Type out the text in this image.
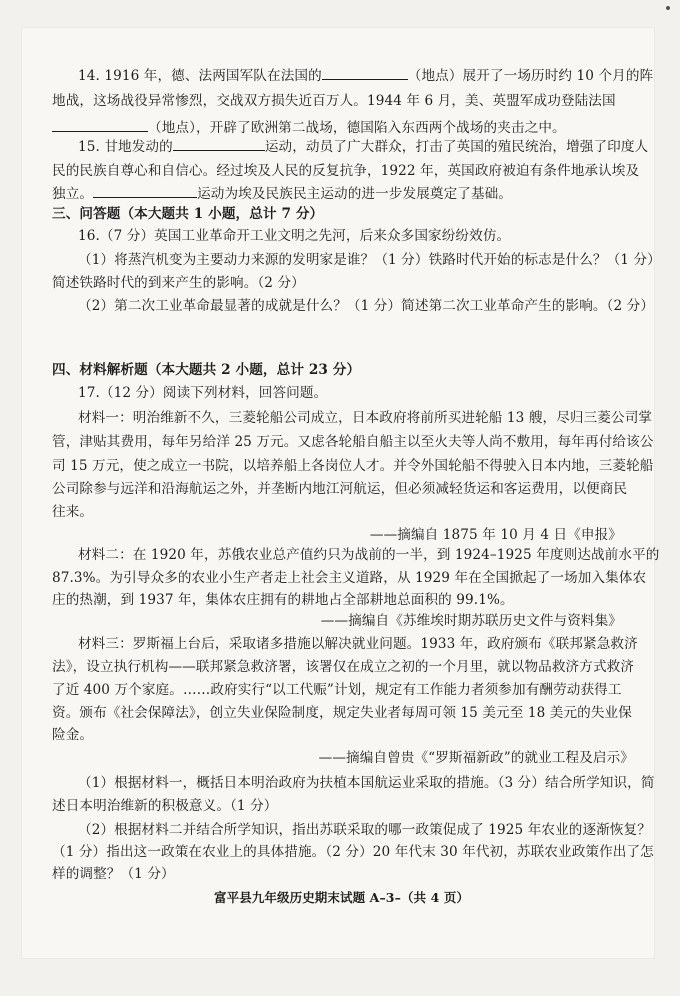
14. 1916 年，德、法两国军队在法国的	（地点）展开了一场历时约 10 个月的阵
地战，这场战役异常惨烈，交战双方损失近百万人。1944 年 6 月，美、英盟军成功登陆法国
（地点），开辟了欧洲第二战场，德国陷入东西两个战场的夹击之中。
15. 甘地发动的	运动，动员了广大群众，打击了英国的殖民统治，增强了印度人
民的民族自尊心和自信心。经过埃及人民的反复抗争，1922 年，英国政府被迫有条件地承认埃及
独立。	运动为埃及民族民主运动的进一步发展奠定了基础。
三、问答题（本大题共 1 小题，总计 7 分）
16.（7 分）英国工业革命开工业文明之先河，后来众多国家纷纷效仿。
（1）将蒸汽机变为主要动力来源的发明家是谁？（1 分）铁路时代开始的标志是什么？（1 分）
简述铁路时代的到来产生的影响。（2 分）
（2）第二次工业革命最显著的成就是什么？（1 分）简述第二次工业革命产生的影响。（2 分）
四、材料解析题（本大题共 2 小题，总计 23 分）
17.（12 分）阅读下列材料，回答问题。
材料一：明治维新不久，三菱轮船公司成立，日本政府将前所买进轮船 13 艘，尽归三菱公司掌
管，津贴其费用，每年另给洋 25 万元。又虑各轮船自船主以至火夫等人尚不敷用，每年再付给该公
司 15 万元，使之成立一书院，以培养船上各岗位人才。并令外国轮船不得驶入日本内地，三菱轮船
公司除参与远洋和沿海航运之外，并垄断内地江河航运，但必须减轻货运和客运费用，以便商民
往来。
——摘编自 1875 年 10 月 4 日《申报》
材料二：在 1920 年，苏俄农业总产值约只为战前的一半，到 1924–1925 年度则达战前水平的
87.3%。为引导众多的农业小生产者走上社会主义道路，从 1929 年在全国掀起了一场加入集体农
庄的热潮，到 1937 年，集体农庄拥有的耕地占全部耕地总面积的 99.1%。
——摘编自《苏维埃时期苏联历史文件与资料集》
材料三：罗斯福上台后，采取诸多措施以解决就业问题。1933 年，政府颁布《联邦紧急救济
法》，设立执行机构——联邦紧急救济署，该署仅在成立之初的一个月里，就以物品救济方式救济
了近 400 万个家庭。……政府实行“以工代赈”计划，规定有工作能力者须参加有酬劳动获得工
资。颁布《社会保障法》，创立失业保险制度，规定失业者每周可领 15 美元至 18 美元的失业保
险金。
——摘编自曾贵《“罗斯福新政”的就业工程及启示》
（1）根据材料一，概括日本明治政府为扶植本国航运业采取的措施。（3 分）结合所学知识，简
述日本明治维新的积极意义。（1 分）
（2）根据材料二并结合所学知识，指出苏联采取的哪一政策促成了 1925 年农业的逐渐恢复？
（1 分）指出这一政策在农业上的具体措施。（2 分）20 年代末 30 年代初，苏联农业政策作出了怎
样的调整？（1 分）
富平县九年级历史期末试题 A–3–（共 4 页）
